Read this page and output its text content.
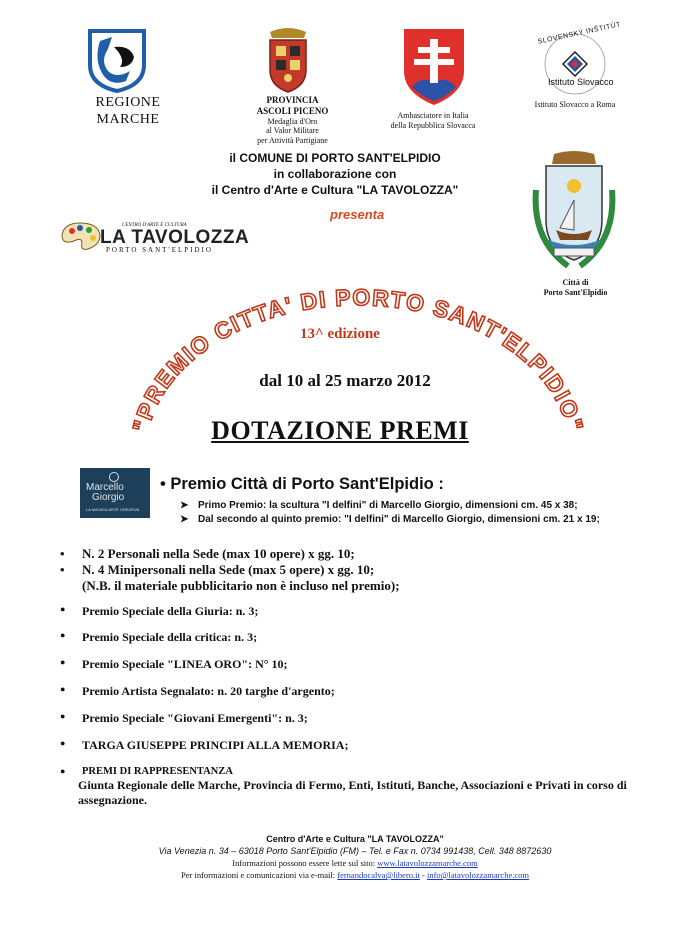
REGIONE
MARCHE
PROVINCIA
ASCOLI PICENO
Medaglia d'Oro
al Valor Militare
per Attività Partigiane
Ambasciatore in Italia
della Repubblica Slovacca
SLOVENSKÝ INŠTITÚT
Istituto Slovacco
Istituto Slovacco a Roma
il COMUNE DI PORTO SANT'ELPIDIO
in collaborazione con
il Centro d'Arte e Cultura "LA TAVOLOZZA"
presenta
CENTRO D'ARTE E CULTURA
LA TAVOLOZZA
PORTO SANT'ELPIDIO
Città di
Porto Sant'Elpidio
"PREMIO CITTA' DI PORTO SANT'ELPIDIO"
13^ edizione
dal 10 al 25 marzo 2012
DOTAZIONE PREMI
Marcello
Giorgio
LA MAGICA ARTE CREATIVA
• Premio Città di Porto Sant'Elpidio :
➤ Primo Premio: la scultura "I delfini" di Marcello Giorgio, dimensioni cm. 45 x 38;
➤ Dal secondo al quinto premio: "I delfini" di Marcello Giorgio, dimensioni cm. 21 x 19;
• N. 2 Personali nella Sede (max 10 opere) x gg. 10;
• N. 4 Minipersonali nella Sede (max 5 opere) x gg. 10;
(N.B. il materiale pubblicitario non è incluso nel premio);
● Premio Speciale della Giuria: n. 3;
● Premio Speciale della critica: n. 3;
● Premio Speciale "LINEA ORO": N° 10;
● Premio Artista Segnalato: n. 20 targhe d'argento;
● Premio Speciale "Giovani Emergenti": n. 3;
● TARGA GIUSEPPE PRINCIPI ALLA MEMORIA;
● PREMI DI RAPPRESENTANZA
Giunta Regionale delle Marche, Provincia di Fermo, Enti, Istituti, Banche, Associazioni e Privati in corso di assegnazione.
Centro d'Arte e Cultura "LA TAVOLOZZA"
Via Venezia n. 34 – 63018 Porto Sant'Elpidio (FM) – Tel. e Fax n. 0734 991438, Cell. 348 8872630
Informazioni possono essere lette sul sito: www.latavolozzamarche.com
Per informazioni e comunicazioni via e-mail: fernandocalva@libero.it - info@latavolozzamarche.com
